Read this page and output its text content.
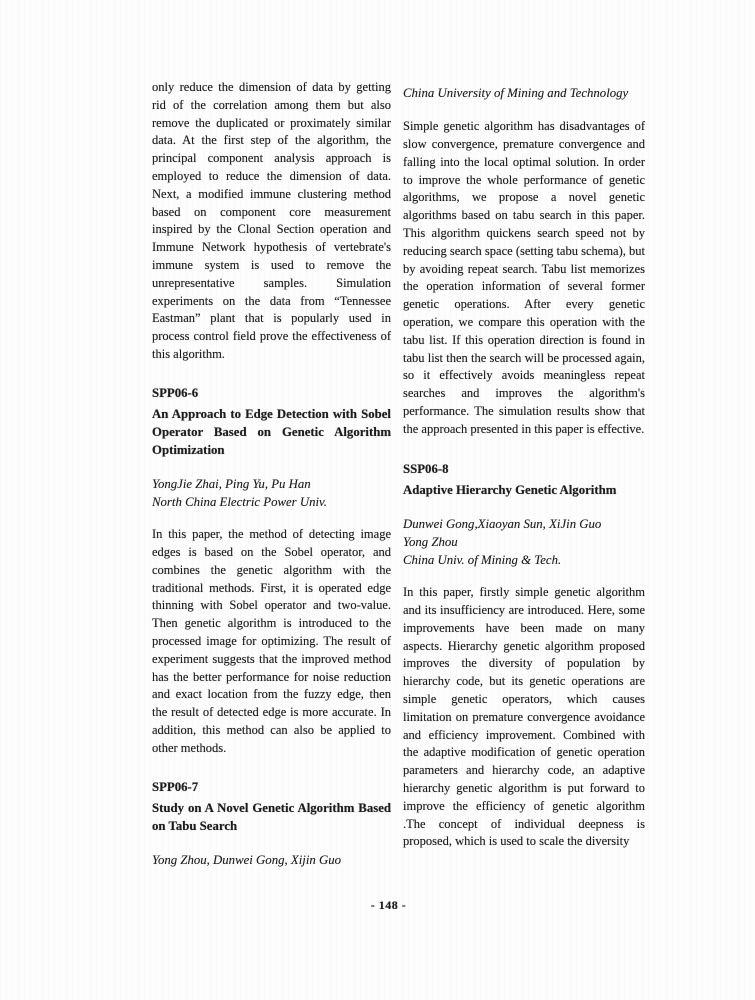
only reduce the dimension of data by getting rid of the correlation among them but also remove the duplicated or proximately similar data. At the first step of the algorithm, the principal component analysis approach is employed to reduce the dimension of data. Next, a modified immune clustering method based on component core measurement inspired by the Clonal Section operation and Immune Network hypothesis of vertebrate's immune system is used to remove the unrepresentative samples. Simulation experiments on the data from “Tennessee Eastman” plant that is popularly used in process control field prove the effectiveness of this algorithm.

SPP06-6
An Approach to Edge Detection with Sobel Operator Based on Genetic Algorithm Optimization
YongJie Zhai, Ping Yu, Pu Han
North China Electric Power Univ.

In this paper, the method of detecting image edges is based on the Sobel operator, and combines the genetic algorithm with the traditional methods. First, it is operated edge thinning with Sobel operator and two-value. Then genetic algorithm is introduced to the processed image for optimizing. The result of experiment suggests that the improved method has the better performance for noise reduction and exact location from the fuzzy edge, then the result of detected edge is more accurate. In addition, this method can also be applied to other methods.

SPP06-7
Study on A Novel Genetic Algorithm Based on Tabu Search
Yong Zhou, Dunwei Gong, Xijin Guo
China University of Mining and Technology

Simple genetic algorithm has disadvantages of slow convergence, premature convergence and falling into the local optimal solution. In order to improve the whole performance of genetic algorithms, we propose a novel genetic algorithms based on tabu search in this paper. This algorithm quickens search speed not by reducing search space (setting tabu schema), but by avoiding repeat search. Tabu list memorizes the operation information of several former genetic operations. After every genetic operation, we compare this operation with the tabu list. If this operation direction is found in tabu list then the search will be processed again, so it effectively avoids meaningless repeat searches and improves the algorithm's performance. The simulation results show that the approach presented in this paper is effective.

SSP06-8
Adaptive Hierarchy Genetic Algorithm
Dunwei Gong,Xiaoyan Sun, XiJin Guo
Yong Zhou
China Univ. of Mining & Tech.

In this paper, firstly simple genetic algorithm and its insufficiency are introduced. Here, some improvements have been made on many aspects. Hierarchy genetic algorithm proposed improves the diversity of population by hierarchy code, but its genetic operations are simple genetic operators, which causes limitation on premature convergence avoidance and efficiency improvement. Combined with the adaptive modification of genetic operation parameters and hierarchy code, an adaptive hierarchy genetic algorithm is put forward to improve the efficiency of genetic algorithm .The concept of individual deepness is proposed, which is used to scale the diversity

- 148 -
